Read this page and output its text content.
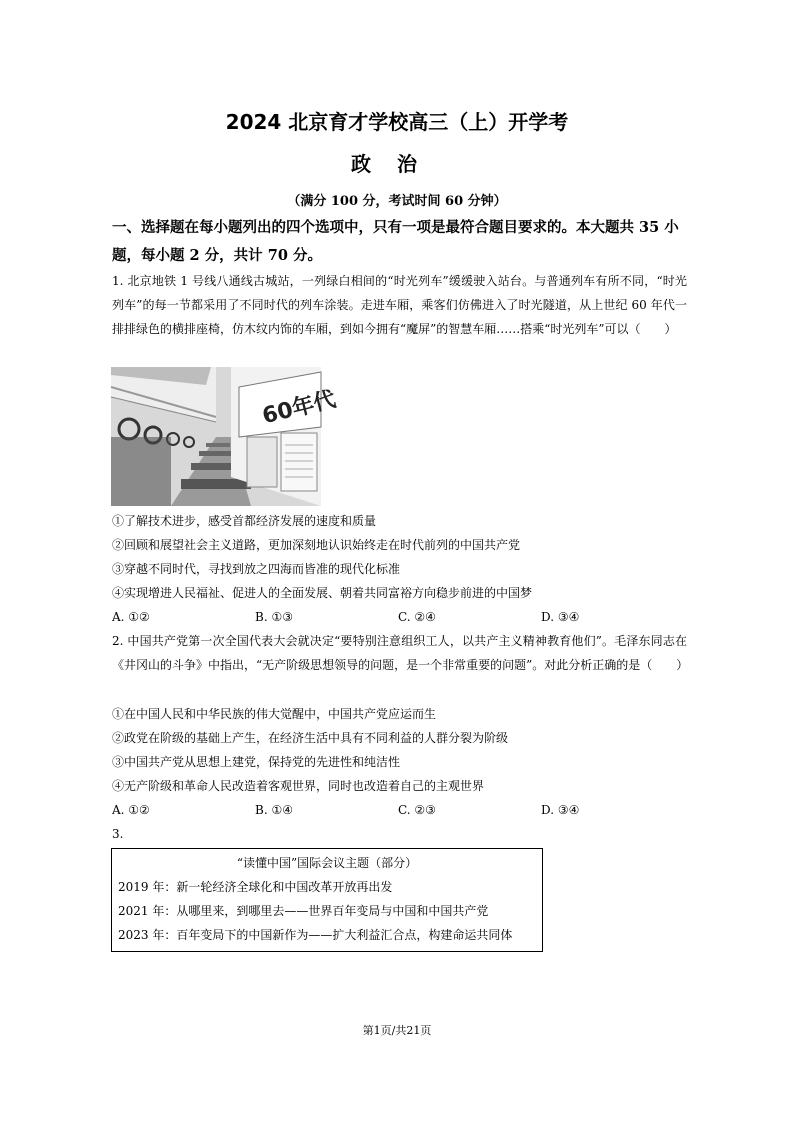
2024 北京育才学校高三（上）开学考
政治
（满分 100 分，考试时间 60 分钟）
一、选择题在每小题列出的四个选项中，只有一项是最符合题目要求的。本大题共 35 小题，每小题 2 分，共计 70 分。
1. 北京地铁 1 号线八通线古城站，一列绿白相间的“时光列车”缓缓驶入站台。与普通列车有所不同，“时光列车”的每一节都采用了不同时代的列车涂装。走进车厢，乘客们仿佛进入了时光隧道，从上世纪 60 年代一排排绿色的横排座椅，仿木纹内饰的车厢，到如今拥有“魔屏”的智慧车厢……搭乘“时光列车”可以（　　）
60年代
①了解技术进步，感受首都经济发展的速度和质量
②回顾和展望社会主义道路，更加深刻地认识始终走在时代前列的中国共产党
③穿越不同时代，寻找到放之四海而皆准的现代化标准
④实现增进人民福祉、促进人的全面发展、朝着共同富裕方向稳步前进的中国梦
A. ①②	B. ①③	C. ②④	D. ③④
2. 中国共产党第一次全国代表大会就决定“要特别注意组织工人，以共产主义精神教育他们”。毛泽东同志在《井冈山的斗争》中指出，“无产阶级思想领导的问题，是一个非常重要的问题”。对此分析正确的是（　　）
①在中国人民和中华民族的伟大觉醒中，中国共产党应运而生
②政党在阶级的基础上产生，在经济生活中具有不同利益的人群分裂为阶级
③中国共产党从思想上建党，保持党的先进性和纯洁性
④无产阶级和革命人民改造着客观世界，同时也改造着自己的主观世界
A. ①②	B. ①④	C. ②③	D. ③④
3.
“读懂中国”国际会议主题（部分）
2019 年：新一轮经济全球化和中国改革开放再出发
2021 年：从哪里来，到哪里去——世界百年变局与中国和中国共产党
2023 年：百年变局下的中国新作为——扩大利益汇合点，构建命运共同体
第1页/共21页
